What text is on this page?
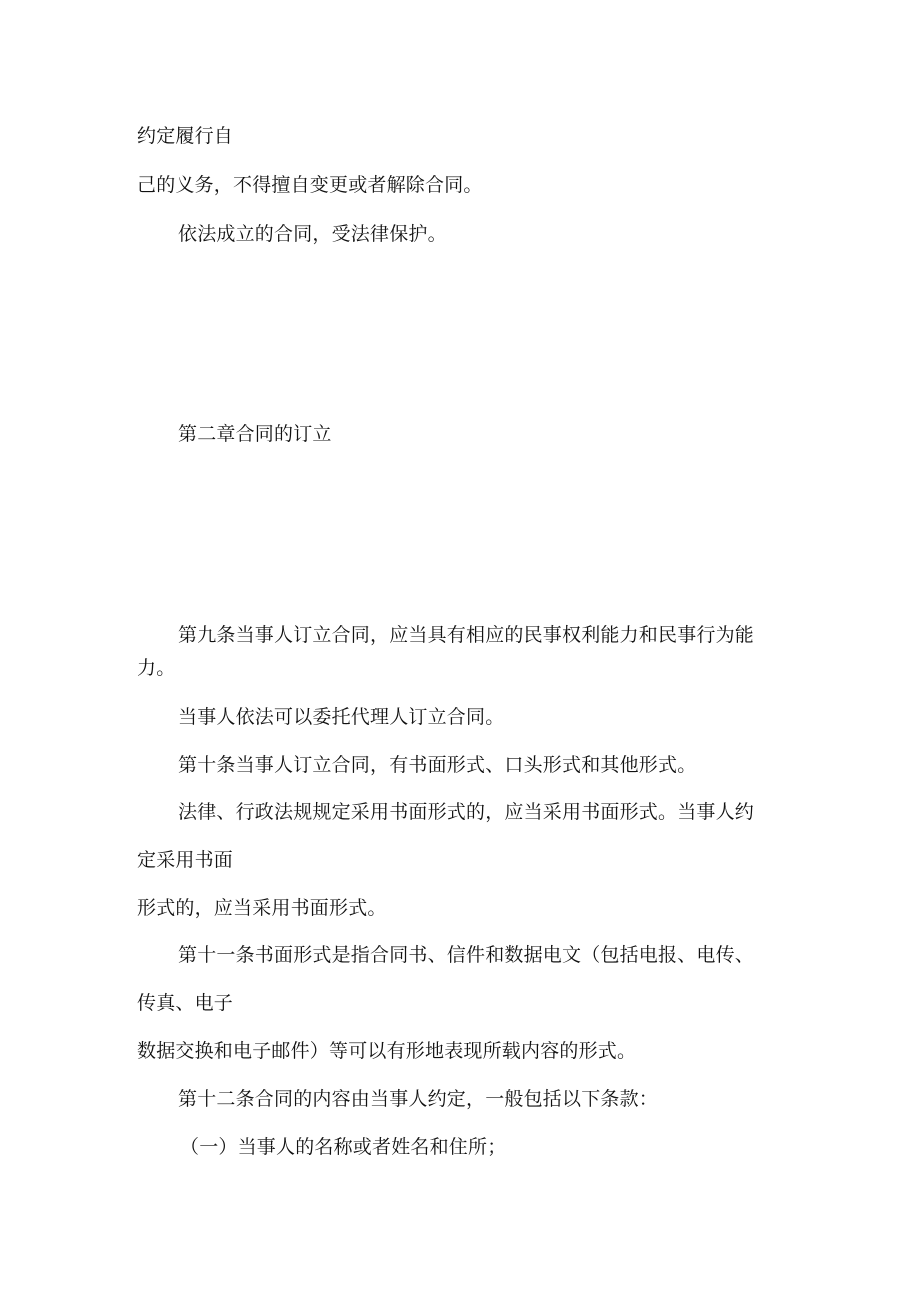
约定履行自

己的义务，不得擅自变更或者解除合同。

依法成立的合同，受法律保护。

第二章合同的订立

第九条当事人订立合同，应当具有相应的民事权利能力和民事行为能

力。

当事人依法可以委托代理人订立合同。

第十条当事人订立合同，有书面形式、口头形式和其他形式。

法律、行政法规规定采用书面形式的，应当采用书面形式。当事人约

定采用书面

形式的，应当采用书面形式。

第十一条书面形式是指合同书、信件和数据电文（包括电报、电传、

传真、电子

数据交换和电子邮件）等可以有形地表现所载内容的形式。

第十二条合同的内容由当事人约定，一般包括以下条款：

（一）当事人的名称或者姓名和住所；
